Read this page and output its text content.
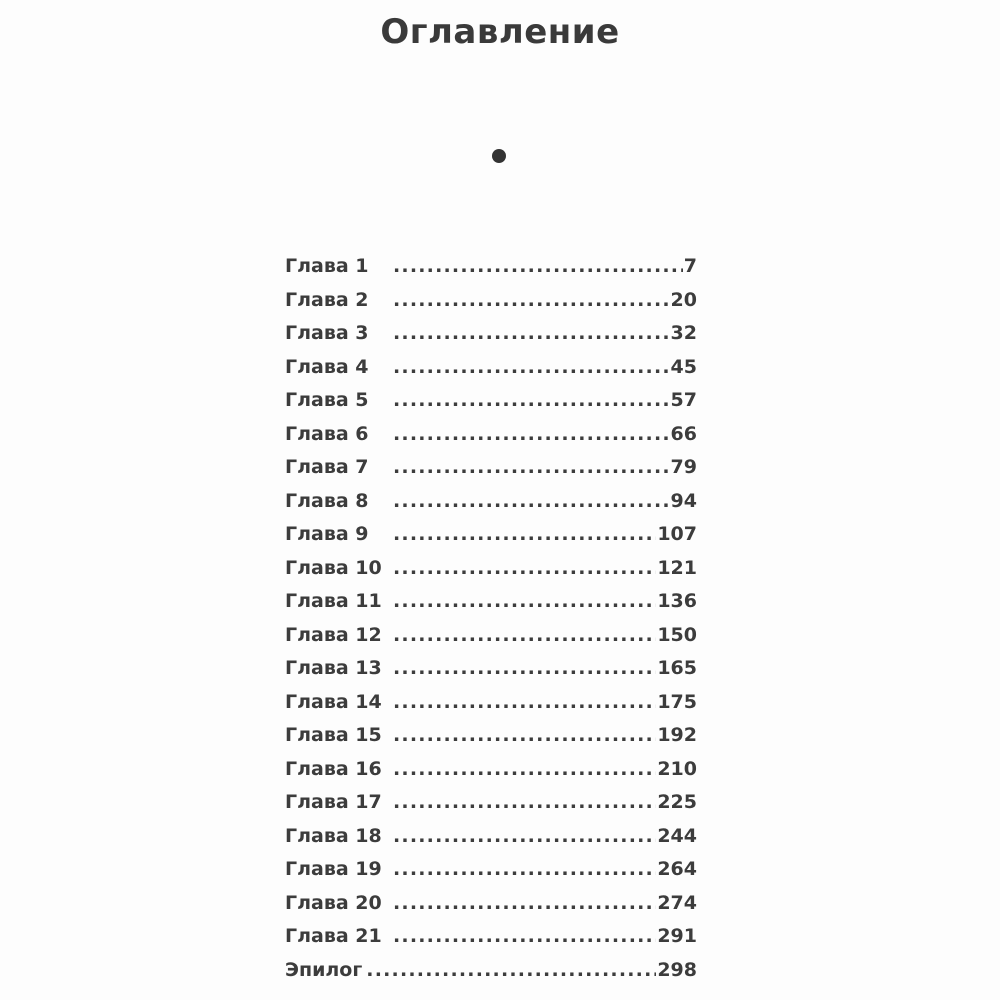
Оглавление
Глава 1 .....	7
Глава 2 .....	20
Глава 3 .....	32
Глава 4 .....	45
Глава 5 .....	57
Глава 6 .....	66
Глава 7 .....	79
Глава 8 .....	94
Глава 9 .....	107
Глава 10 .....	121
Глава 11 .....	136
Глава 12 .....	150
Глава 13 .....	165
Глава 14 .....	175
Глава 15 .....	192
Глава 16 .....	210
Глава 17 .....	225
Глава 18 .....	244
Глава 19 .....	264
Глава 20 .....	274
Глава 21 .....	291
Эпилог .....	298
